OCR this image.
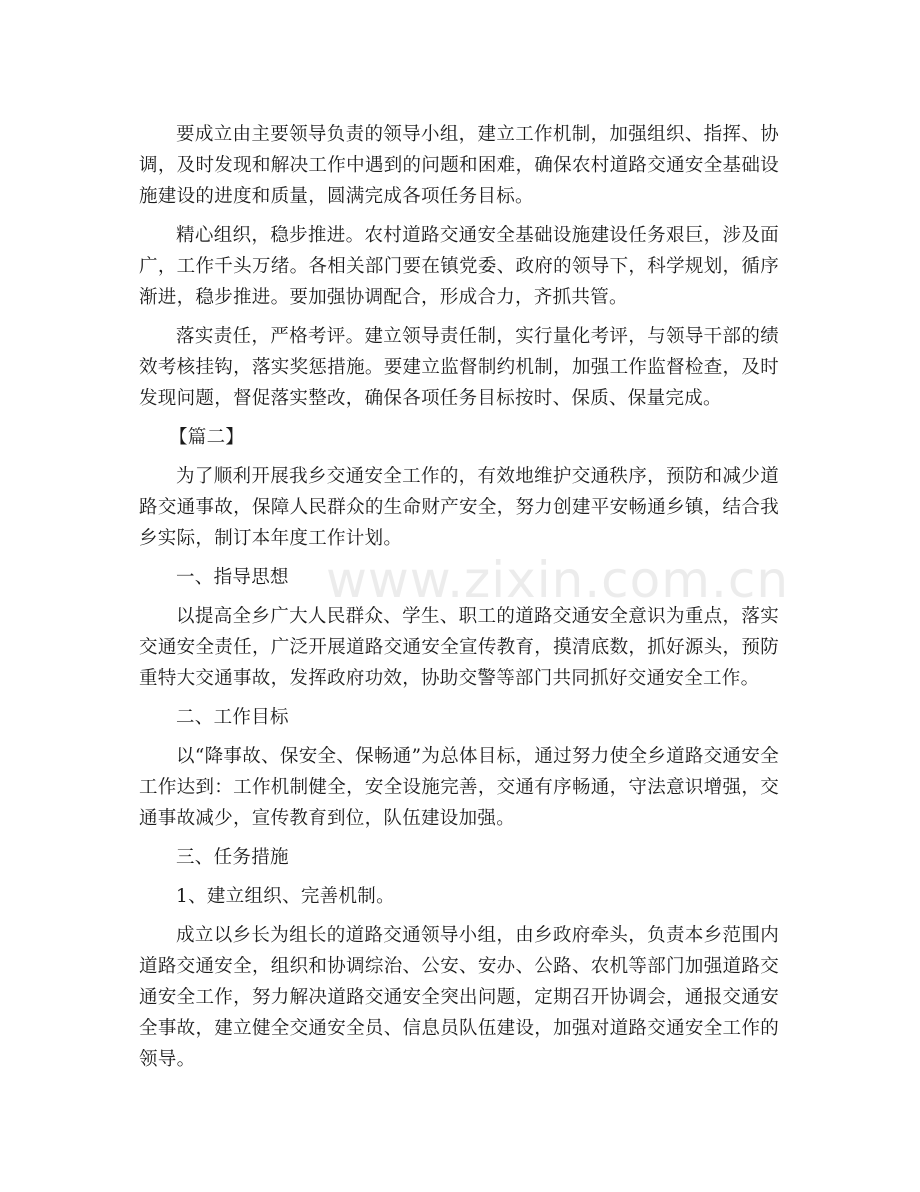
要成立由主要领导负责的领导小组，建立工作机制，加强组织、指挥、协调，及时发现和解决工作中遇到的问题和困难，确保农村道路交通安全基础设施建设的进度和质量，圆满完成各项任务目标。

精心组织，稳步推进。农村道路交通安全基础设施建设任务艰巨，涉及面广，工作千头万绪。各相关部门要在镇党委、政府的领导下，科学规划，循序渐进，稳步推进。要加强协调配合，形成合力，齐抓共管。

落实责任，严格考评。建立领导责任制，实行量化考评，与领导干部的绩效考核挂钩，落实奖惩措施。要建立监督制约机制，加强工作监督检查，及时发现问题，督促落实整改，确保各项任务目标按时、保质、保量完成。

【篇二】

为了顺利开展我乡交通安全工作的，有效地维护交通秩序，预防和减少道路交通事故，保障人民群众的生命财产安全，努力创建平安畅通乡镇，结合我乡实际，制订本年度工作计划。

一、指导思想

以提高全乡广大人民群众、学生、职工的道路交通安全意识为重点，落实交通安全责任，广泛开展道路交通安全宣传教育，摸清底数，抓好源头，预防重特大交通事故，发挥政府功效，协助交警等部门共同抓好交通安全工作。

二、工作目标

以“降事故、保安全、保畅通”为总体目标，通过努力使全乡道路交通安全工作达到：工作机制健全，安全设施完善，交通有序畅通，守法意识增强，交通事故减少，宣传教育到位，队伍建设加强。

三、任务措施

1、建立组织、完善机制。

成立以乡长为组长的道路交通领导小组，由乡政府牵头，负责本乡范围内道路交通安全，组织和协调综治、公安、安办、公路、农机等部门加强道路交通安全工作，努力解决道路交通安全突出问题，定期召开协调会，通报交通安全事故，建立健全交通安全员、信息员队伍建设，加强对道路交通安全工作的领导。

www.zixin.com.cn
